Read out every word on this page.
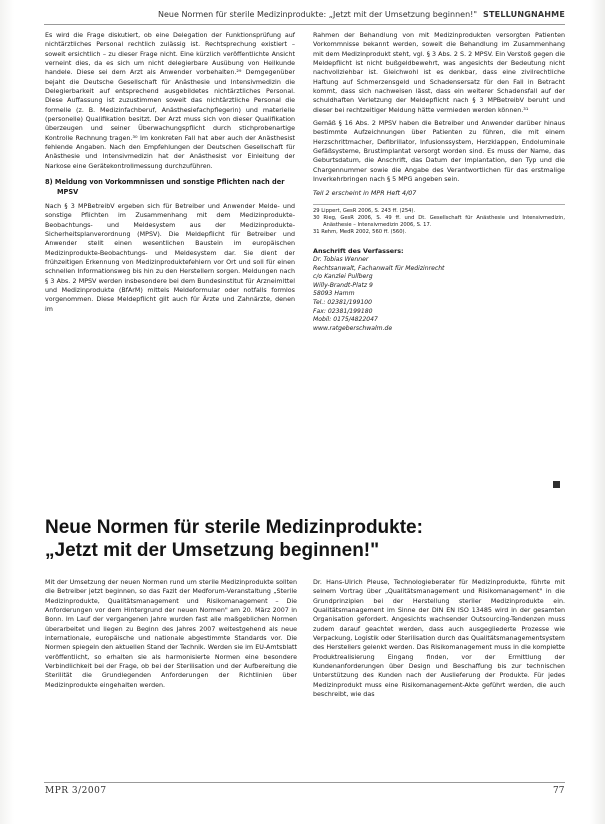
Neue Normen für sterile Medizinprodukte: „Jetzt mit der Umsetzung beginnen!" STELLUNGNAHME

Es wird die Frage diskutiert, ob eine Delegation der Funktionsprüfung auf nichtärztliches Personal rechtlich zulässig ist. Rechtsprechung existiert – soweit ersichtlich – zu dieser Frage nicht. Eine kürzlich veröffentlichte Ansicht verneint dies, da es sich um nicht delegierbare Ausübung von Heilkunde handele. Diese sei dem Arzt als Anwender vorbehalten.²⁹ Demgegenüber bejaht die Deutsche Gesellschaft für Anästhesie und Intensivmedizin die Delegierbarkeit auf entsprechend ausgebildetes nichtärztliches Personal. Diese Auffassung ist zuzustimmen soweit das nichtärztliche Personal die formelle (z. B. Medizinfachberuf, Anästhesiefachpflegerin) und materielle (personelle) Qualifikation besitzt. Der Arzt muss sich von dieser Qualifikation überzeugen und seiner Überwachungspflicht durch stichprobenartige Kontrolle Rechnung tragen.³⁰ Im konkreten Fall hat aber auch der Anästhesist fehlende Angaben. Nach den Empfehlungen der Deutschen Gesellschaft für Anästhesie und Intensivmedizin hat der Anästhesist vor Einleitung der Narkose eine Gerätekontrollmessung durchzuführen.

8) Meldung von Vorkommnissen und sonstige Pflichten nach der MPSV

Nach § 3 MPBetreibV ergeben sich für Betreiber und Anwender Melde- und sonstige Pflichten im Zusammenhang mit dem Medizinprodukte-Beobachtungs- und Meldesystem aus der Medizinprodukte-Sicherheitsplanverordnung (MPSV). Die Meldepflicht für Betreiber und Anwender stellt einen wesentlichen Baustein im europäischen Medizinprodukte-Beobachtungs- und Meldesystem dar. Sie dient der frühzeitigen Erkennung von Medizinproduktefehlern vor Ort und soll für einen schnellen Informationsweg bis hin zu den Herstellern sorgen. Meldungen nach § 3 Abs. 2 MPSV werden insbesondere bei dem Bundesinstitut für Arzneimittel und Medizinprodukte (BfArM) mittels Meldeformular oder notfalls formlos vorgenommen. Diese Meldepflicht gilt auch für Ärzte und Zahnärzte, denen im

Rahmen der Behandlung von mit Medizinprodukten versorgten Patienten Vorkommnisse bekannt werden, soweit die Behandlung im Zusammenhang mit dem Medizinprodukt steht, vgl. § 3 Abs. 2 S. 2 MPSV. Ein Verstoß gegen die Meldepflicht ist nicht bußgeldbewehrt, was angesichts der Bedeutung nicht nachvollziehbar ist. Gleichwohl ist es denkbar, dass eine zivilrechtliche Haftung auf Schmerzensgeld und Schadensersatz für den Fall in Betracht kommt, dass sich nachweisen lässt, dass ein weiterer Schadensfall auf der schuldhaften Verletzung der Meldepflicht nach § 3 MPBetreibV beruht und dieser bei rechtzeitiger Meldung hätte vermieden werden können.³¹

Gemäß § 16 Abs. 2 MPSV haben die Betreiber und Anwender darüber hinaus bestimmte Aufzeichnungen über Patienten zu führen, die mit einem Herzschrittmacher, Defibrillator, Infusionssystem, Herzklappen, Endoluminale Gefäßsysteme, Brustimplantat versorgt worden sind. Es muss der Name, das Geburtsdatum, die Anschrift, das Datum der Implantation, den Typ und die Chargennummer sowie die Angabe des Verantwortlichen für das erstmalige Inverkehrbringen nach § 5 MPG angeben sein.

Teil 2 erscheint in MPR Heft 4/07
29 Lippert, GesR 2006, S. 243 ff. (254).
30 Rieg, GesR 2006, S. 49 ff. und Dt. Gesellschaft für Anästhesie und Intensivmedizin, Anästhesie – Intensivmedizin 2006, S. 17.
31 Rehm, MedR 2002, 560 ff. (560).
Anschrift des Verfassers:
Dr. Tobias Wenner
Rechtsanwalt, Fachanwalt für Medizinrecht
c/o Kanzlei Pullberg
Willy-Brandt-Platz 9
58093 Hamm
Tel.: 02381/199100
Fax: 02381/199180
Mobil: 0175/4822047
www.ratgeberschwalm.de
Neue Normen für sterile Medizinprodukte:
„Jetzt mit der Umsetzung beginnen!"

Mit der Umsetzung der neuen Normen rund um sterile Medizinprodukte sollten die Betreiber jetzt beginnen, so das Fazit der Medforum-Veranstaltung „Sterile Medizinprodukte, Qualitätsmanagement und Risikomanagement – Die Anforderungen vor dem Hintergrund der neuen Normen" am 20. März 2007 in Bonn. Im Lauf der vergangenen Jahre wurden fast alle maßgeblichen Normen überarbeitet und liegen zu Beginn des Jahres 2007 weitestgehend als neue internationale, europäische und nationale abgestimmte Standards vor. Die Normen spiegeln den aktuellen Stand der Technik. Werden sie im EU-Amtsblatt veröffentlicht, so erhalten sie als harmonisierte Normen eine besondere Verbindlichkeit bei der Frage, ob bei der Sterilisation und der Aufbereitung die Sterilität die Grundlegenden Anforderungen der Richtlinien über Medizinprodukte eingehalten werden.

Dr. Hans-Ulrich Pleuse, Technologieberater für Medizinprodukte, führte mit seinem Vortrag über „Qualitätsmanagement und Risikomanagement" in die Grundprinzipien bei der Herstellung steriler Medizinprodukte ein. Qualitätsmanagement im Sinne der DIN EN ISO 13485 wird in der gesamten Organisation gefordert. Angesichts wachsender Outsourcing-Tendenzen muss zudem darauf geachtet werden, dass auch ausgegliederte Prozesse wie Verpackung, Logistik oder Sterilisation durch das Qualitätsmanagementsystem des Herstellers gelenkt werden. Das Risikomanagement muss in die komplette Produktrealisierung Eingang finden, vor der Ermittlung der Kundenanforderungen über Design und Beschaffung bis zur technischen Unterstützung des Kunden nach der Auslieferung der Produkte. Für jedes Medizinprodukt muss eine Risikomanagement-Akte geführt werden, die auch beschreibt, wie das

MPR 3/2007	77
